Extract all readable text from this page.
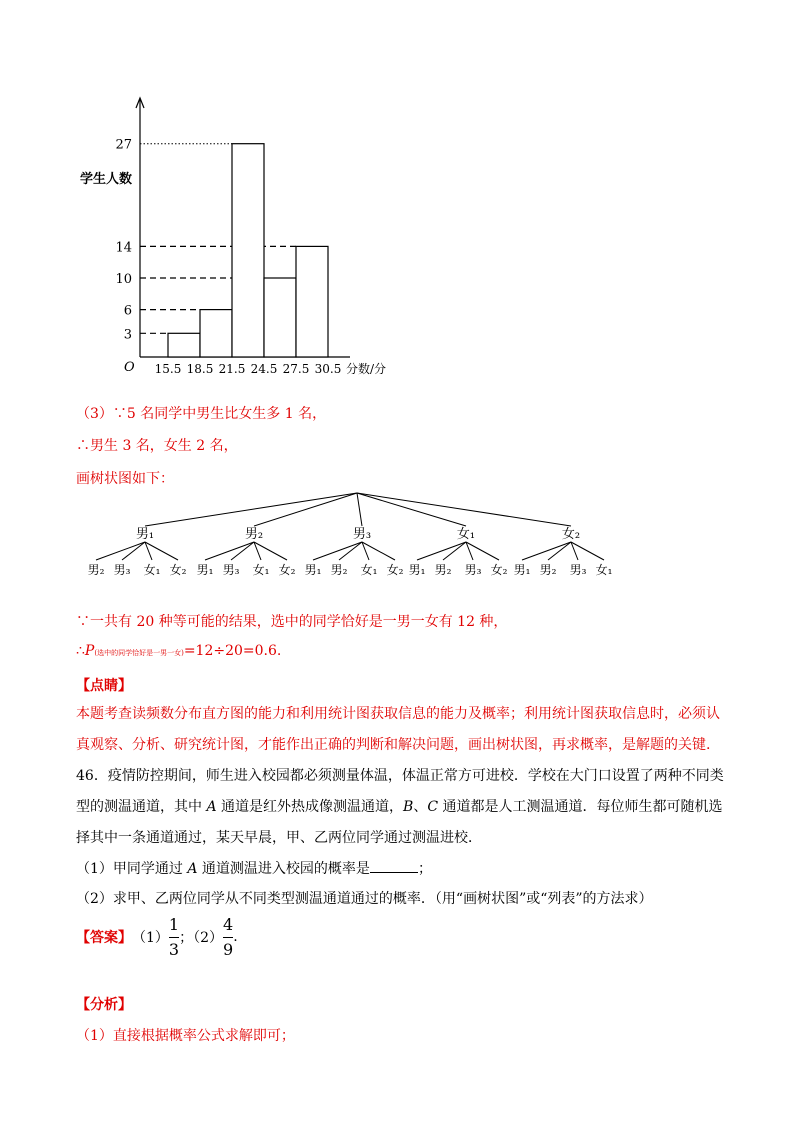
3
6
10
14
27
15.5 18.5 21.5 24.5 27.5 30.5 分数/分
O
学生人数
（3）∵5 名同学中男生比女生多 1 名，
∴男生 3 名，女生 2 名，
画树状图如下：
男₁
男₂ 男₃ 女₁ 女₂
男₂
男₁ 男₃ 女₁ 女₂
男₃
男₁ 男₂ 女₁ 女₂
女₁
男₁ 男₂ 男₃ 女₂
女₂
男₁ 男₂ 男₃ 女₁
∵一共有 20 种等可能的结果，选中的同学恰好是一男一女有 12 种，
∴P(选中的同学恰好是一男一女)=12÷20=0.6.
【点睛】
本题考查读频数分布直方图的能力和利用统计图获取信息的能力及概率；利用统计图获取信息时，必须认
真观察、分析、研究统计图，才能作出正确的判断和解决问题，画出树状图，再求概率，是解题的关键.
46．疫情防控期间，师生进入校园都必须测量体温，体温正常方可进校．学校在大门口设置了两种不同类
型的测温通道，其中 A 通道是红外热成像测温通道，B、C 通道都是人工测温通道．每位师生都可随机选
择其中一条通道通过，某天早晨，甲、乙两位同学通过测温进校．
（1）甲同学通过 A 通道测温进入校园的概率是	；
（2）求甲、乙两位同学从不同类型测温通道通过的概率．（用“画树状图”或“列表”的方法求）
【答案】 $(1) \frac{1}{3}$ ；$(2) \frac{4}{9}$ .
【分析】
（1）直接根据概率公式求解即可；
